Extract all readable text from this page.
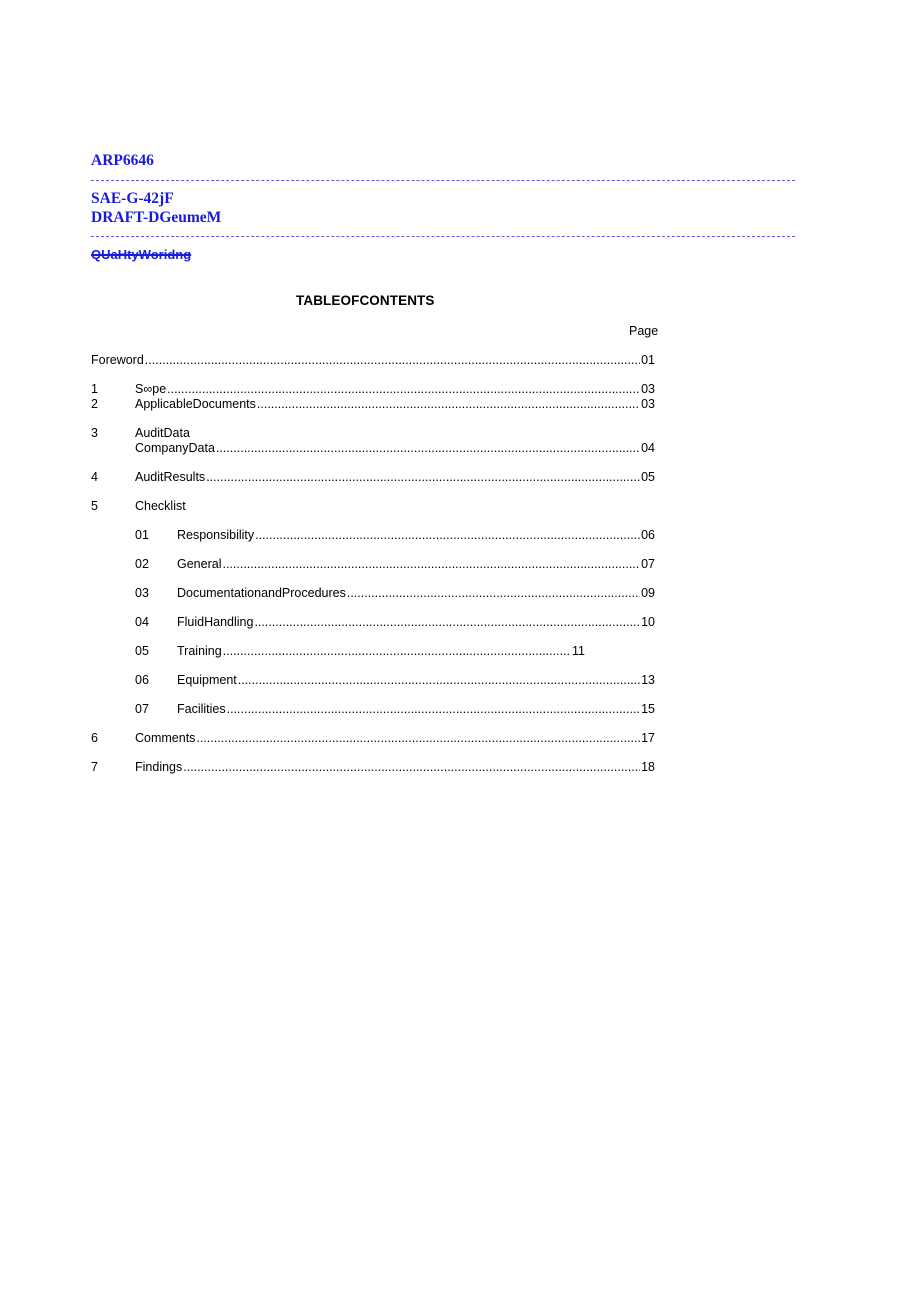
ARP6646
SAE-G-42jF
DRAFT-DGeumeM
QUaHtyWoridng
TABLEOFCONTENTS
Page
Foreword .....	01
1	S∞pe .....	03
2	ApplicableDocuments .....	03
3	AuditData
CompanyData .....	04
4	AuditResults .....	05
5	Checklist
01 Responsibility .....	06
02 General .....	07
03 DocumentationandProcedures .....	09
04 FluidHandling .....	10
05 Training .....	11
06 Equipment .....	13
07 Facilities .....	15
6	Comments .....	17
7	Findings .....	18
